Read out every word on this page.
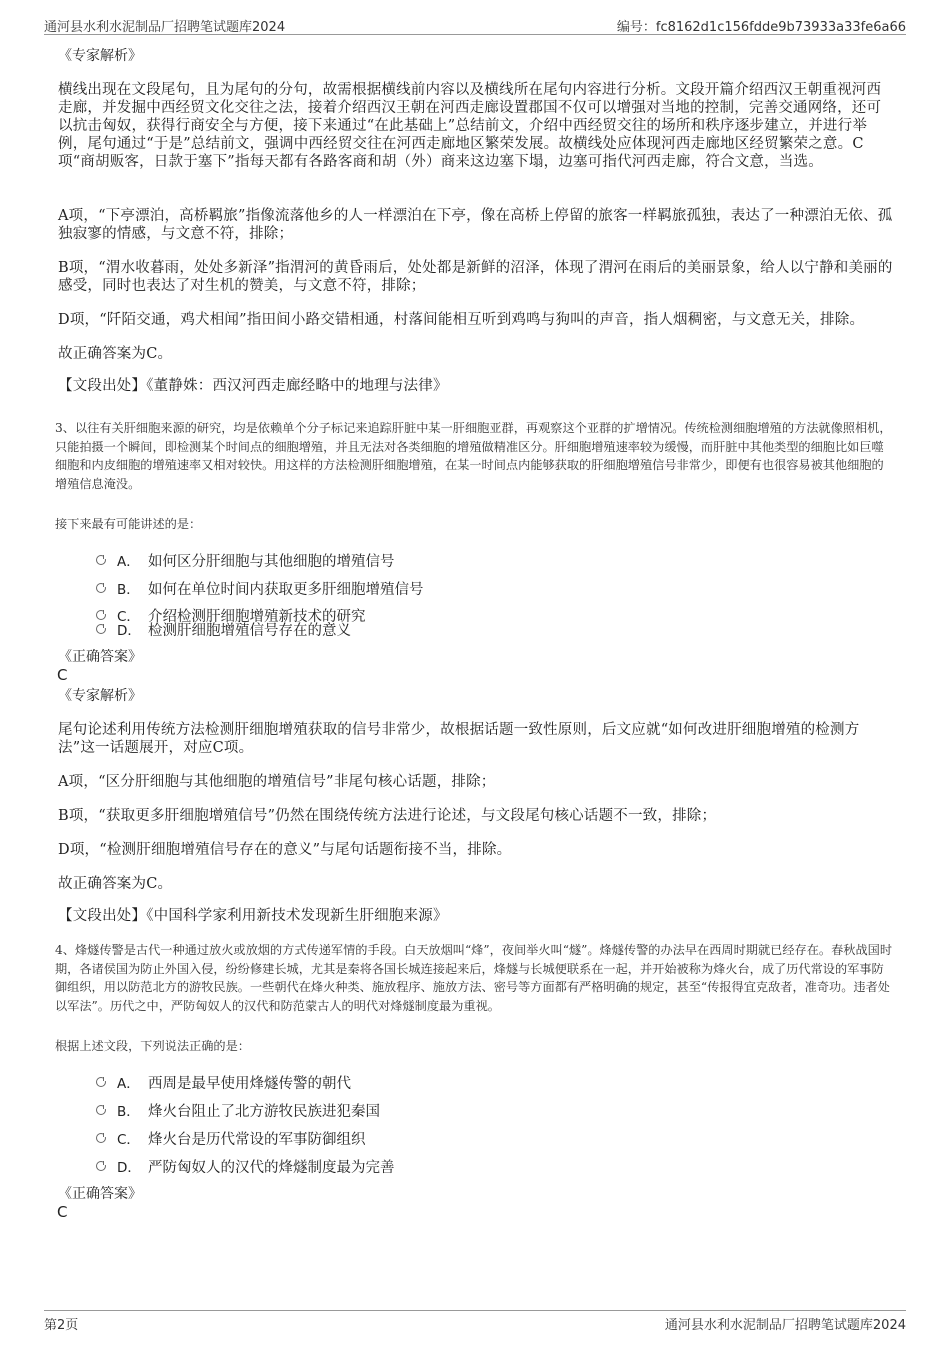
通河县水利水泥制品厂招聘笔试题库2024	编号：fc8162d1c156fdde9b73933a33fe6a66

《专家解析》

横线出现在文段尾句，且为尾句的分句，故需根据横线前内容以及横线所在尾句内容进行分析。文段开篇介绍西汉王朝重视河西走廊，并发掘中西经贸文化交往之法，接着介绍西汉王朝在河西走廊设置郡国不仅可以增强对当地的控制，完善交通网络，还可以抗击匈奴，获得行商安全与方便，接下来通过“在此基础上”总结前文，介绍中西经贸交往的场所和秩序逐步建立，并进行举例，尾句通过“于是”总结前文，强调中西经贸交往在河西走廊地区繁荣发展。故横线处应体现河西走廊地区经贸繁荣之意。C项“商胡贩客，日款于塞下”指每天都有各路客商和胡（外）商来这边塞下塌，边塞可指代河西走廊，符合文意，当选。

A项，“下亭漂泊，高桥羁旅”指像流落他乡的人一样漂泊在下亭，像在高桥上停留的旅客一样羁旅孤独，表达了一种漂泊无依、孤独寂寥的情感，与文意不符，排除；

B项，“渭水收暮雨，处处多新泽”指渭河的黄昏雨后，处处都是新鲜的沼泽，体现了渭河在雨后的美丽景象，给人以宁静和美丽的感受，同时也表达了对生机的赞美，与文意不符，排除；

D项，“阡陌交通，鸡犬相闻”指田间小路交错相通，村落间能相互听到鸡鸣与狗叫的声音，指人烟稠密，与文意无关，排除。

故正确答案为C。

【文段出处】《董静姝：西汉河西走廊经略中的地理与法律》

3、以往有关肝细胞来源的研究，均是依赖单个分子标记来追踪肝脏中某一肝细胞亚群，再观察这个亚群的扩增情况。传统检测细胞增殖的方法就像照相机，只能拍摄一个瞬间，即检测某个时间点的细胞增殖，并且无法对各类细胞的增殖做精准区分。肝细胞增殖速率较为缓慢，而肝脏中其他类型的细胞比如巨噬细胞和内皮细胞的增殖速率又相对较快。用这样的方法检测肝细胞增殖，在某一时间点内能够获取的肝细胞增殖信号非常少，即便有也很容易被其他细胞的增殖信息淹没。

接下来最有可能讲述的是：

A． 如何区分肝细胞与其他细胞的增殖信号
B． 如何在单位时间内获取更多肝细胞增殖信号
C． 介绍检测肝细胞增殖新技术的研究
D． 检测肝细胞增殖信号存在的意义

《正确答案》

C

《专家解析》

尾句论述利用传统方法检测肝细胞增殖获取的信号非常少，故根据话题一致性原则，后文应就“如何改进肝细胞增殖的检测方法”这一话题展开，对应C项。

A项，“区分肝细胞与其他细胞的增殖信号”非尾句核心话题，排除；

B项，“获取更多肝细胞增殖信号”仍然在围绕传统方法进行论述，与文段尾句核心话题不一致，排除；

D项，“检测肝细胞增殖信号存在的意义”与尾句话题衔接不当，排除。

故正确答案为C。

【文段出处】《中国科学家利用新技术发现新生肝细胞来源》

4、烽燧传警是古代一种通过放火或放烟的方式传递军情的手段。白天放烟叫“烽”，夜间举火叫“燧”。烽燧传警的办法早在西周时期就已经存在。春秋战国时期，各诸侯国为防止外国入侵，纷纷修建长城，尤其是秦将各国长城连接起来后，烽燧与长城便联系在一起，并开始被称为烽火台，成了历代常设的军事防御组织，用以防范北方的游牧民族。一些朝代在烽火种类、施放程序、施放方法、密号等方面都有严格明确的规定，甚至“传报得宜克敌者，准奇功。违者处以军法”。历代之中，严防匈奴人的汉代和防范蒙古人的明代对烽燧制度最为重视。

根据上述文段，下列说法正确的是：

A． 西周是最早使用烽燧传警的朝代
B． 烽火台阻止了北方游牧民族进犯秦国
C． 烽火台是历代常设的军事防御组织
D． 严防匈奴人的汉代的烽燧制度最为完善

《正确答案》

C

第2页	通河县水利水泥制品厂招聘笔试题库2024
